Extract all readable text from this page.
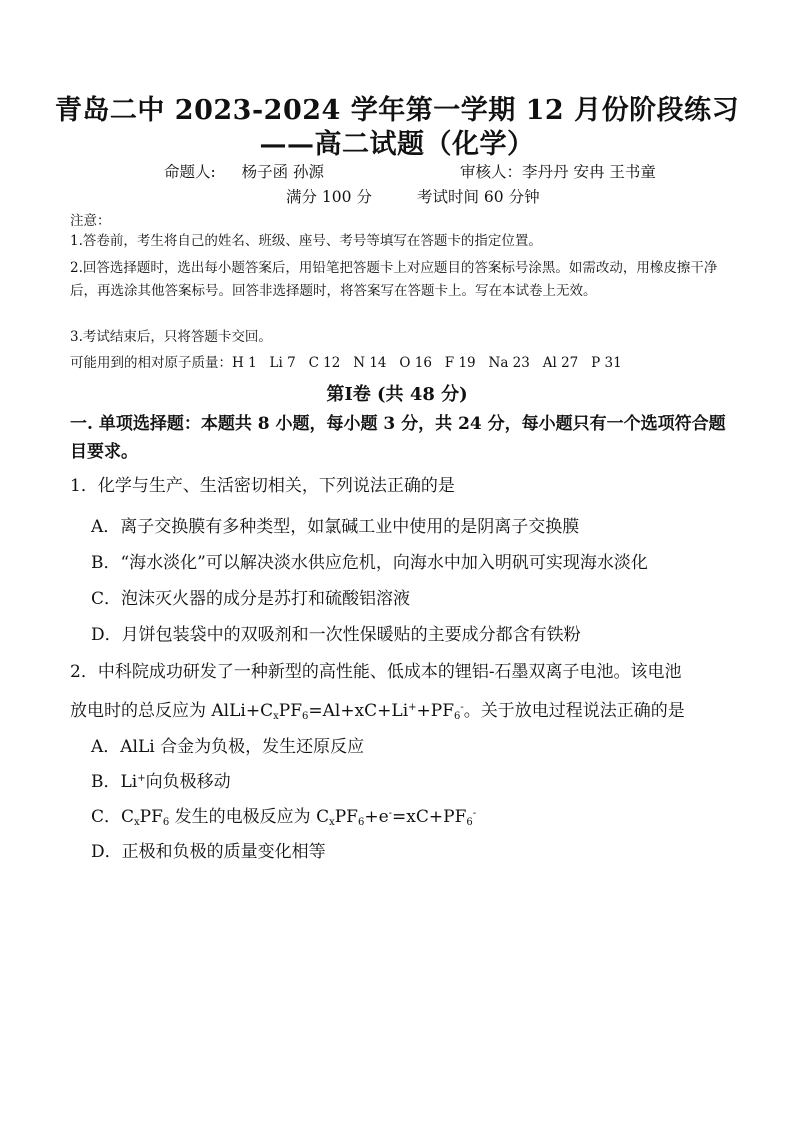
青岛二中 2023-2024 学年第一学期 12 月份阶段练习
——高二试题（化学）
命题人: 杨子函 孙源	审核人：李丹丹 安冉 王书童
满分 100 分	考试时间 60 分钟
注意：
1.答卷前，考生将自己的姓名、班级、座号、考号等填写在答题卡的指定位置。
2.回答选择题时，选出每小题答案后，用铅笔把答题卡上对应题目的答案标号涂黑。如需改动，用橡皮擦干净后，再选涂其他答案标号。回答非选择题时，将答案写在答题卡上。写在本试卷上无效。
3.考试结束后，只将答题卡交回。
可能用到的相对原子质量：H 1   Li 7   C 12   N 14   O 16   F 19   Na 23   Al 27   P 31
第Ⅰ卷 (共 48 分)
一. 单项选择题：本题共 8 小题，每小题 3 分，共 24 分，每小题只有一个选项符合题目要求。
1．化学与生产、生活密切相关，下列说法正确的是
A．离子交换膜有多种类型，如氯碱工业中使用的是阴离子交换膜
B．“海水淡化”可以解决淡水供应危机，向海水中加入明矾可实现海水淡化
C．泡沫灭火器的成分是苏打和硫酸铝溶液
D．月饼包装袋中的双吸剂和一次性保暖贴的主要成分都含有铁粉
2．中科院成功研发了一种新型的高性能、低成本的锂铝-石墨双离子电池。该电池
放电时的总反应为 $AlLi+C_xPF_6=Al+xC+Li^++PF_6^-$。关于放电过程说法正确的是
A．AlLi 合金为负极，发生还原反应
B．Li+向负极移动
C．$C_xPF_6$ 发生的电极反应为 $C_xPF_6+e^-=xC+PF_6^-$
D．正极和负极的质量变化相等
